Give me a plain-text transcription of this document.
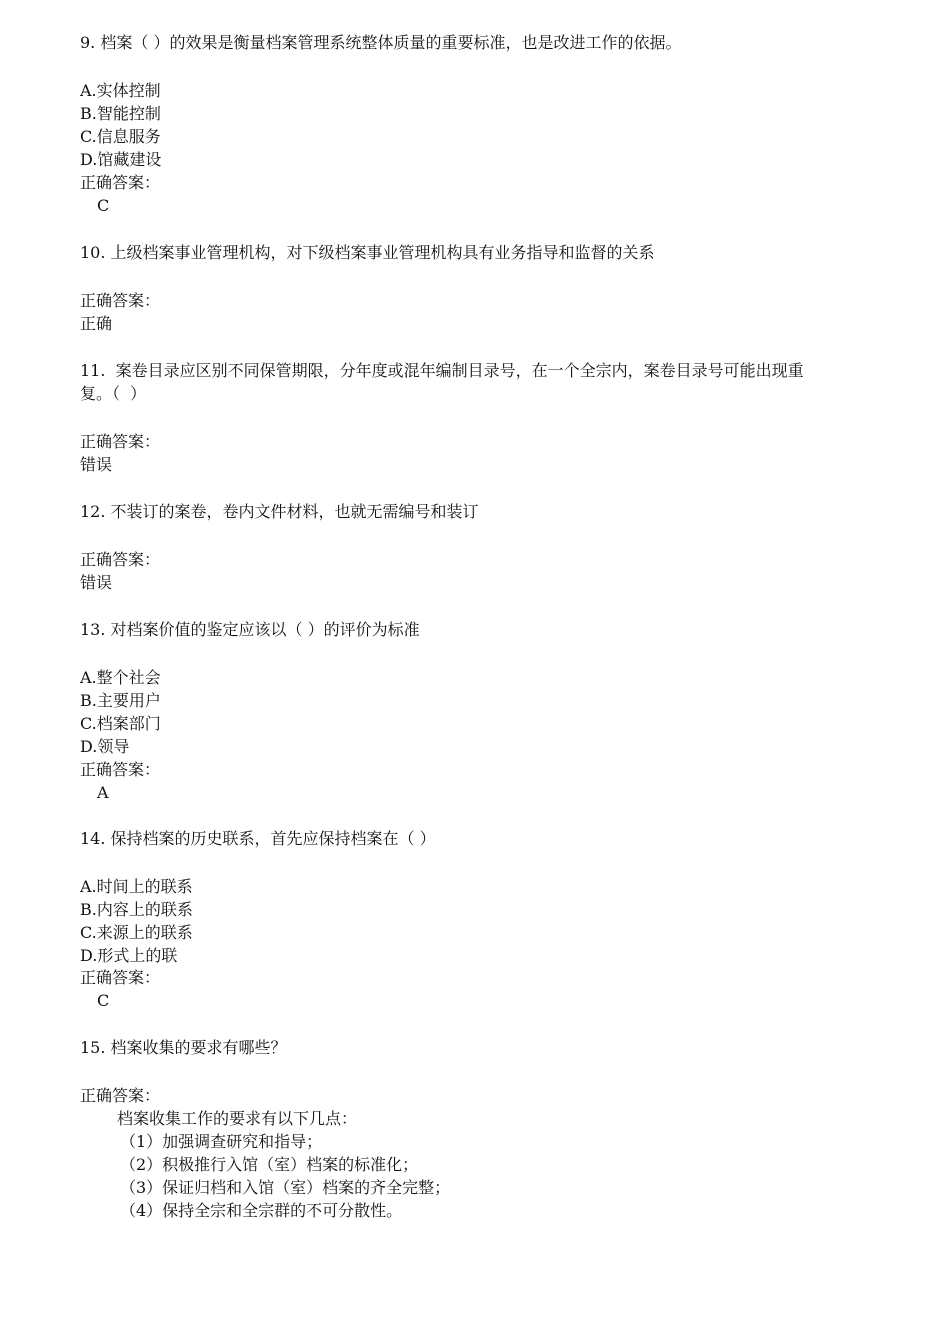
9. 档案（ ）的效果是衡量档案管理系统整体质量的重要标准，也是改进工作的依据。
A.实体控制
B.智能控制
C.信息服务
D.馆藏建设
正确答案：
C
10. 上级档案事业管理机构，对下级档案事业管理机构具有业务指导和监督的关系
正确答案：
正确
11.  案卷目录应区别不同保管期限，分年度或混年编制目录号，在一个全宗内，案卷目录号可能出现重
复。（  ）
正确答案：
错误
12. 不装订的案卷，卷内文件材料，也就无需编号和装订
正确答案：
错误
13. 对档案价值的鉴定应该以（ ）的评价为标准
A.整个社会
B.主要用户
C.档案部门
D.领导
正确答案：
A
14. 保持档案的历史联系，首先应保持档案在（ ）
A.时间上的联系
B.内容上的联系
C.来源上的联系
D.形式上的联
正确答案：
C
15. 档案收集的要求有哪些？
正确答案：
档案收集工作的要求有以下几点：
（1）加强调查研究和指导；
（2）积极推行入馆（室）档案的标准化；
（3）保证归档和入馆（室）档案的齐全完整；
（4）保持全宗和全宗群的不可分散性。
